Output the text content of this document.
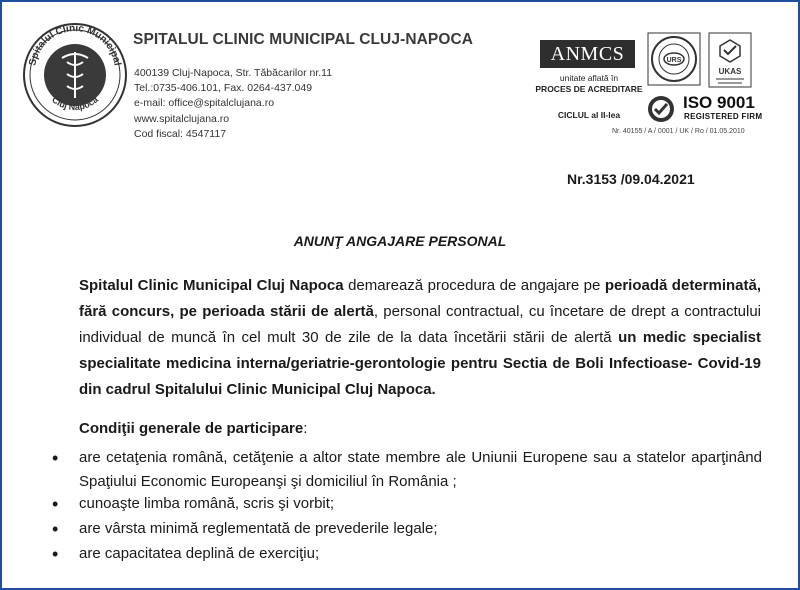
Spitalul Clinic Municipal
Cluj Napoca
SPITALUL CLINIC MUNICIPAL CLUJ-NAPOCA
400139 Cluj-Napoca, Str. Tăbăcarilor nr.11
Tel.:0735-406.101, Fax. 0264-437.049
e-mail: office@spitalclujana.ro
www.spitalclujana.ro
Cod fiscal: 4547117
ANMCS
unitate aflată în
PROCES DE ACREDITARE
CICLUL al II-lea
URS
UKAS
ISO 9001
REGISTERED FIRM
Nr. 40155 / A / 0001 / UK / Ro / 01.05.2010
Nr.3153 /09.04.2021
ANUNŢ ANGAJARE PERSONAL
Spitalul Clinic Municipal Cluj Napoca demarează procedura de angajare pe perioadă determinată, fără concurs, pe perioada stării de alertă, personal contractual, cu încetare de drept a contractului individual de muncă în cel mult 30 de zile de la data încetării stării de alertă un medic specialist specialitate medicina interna/geriatrie-gerontologie pentru Sectia de Boli Infectioase- Covid-19 din cadrul Spitalului Clinic Municipal Cluj Napoca.
Condiţii generale de participare:
• are cetaţenia română, cetăţenie a altor state membre ale Uniunii Europene sau a statelor aparţinând Spaţiului Economic Europeanşi şi domiciliul în România ;
• cunoaşte limba română, scris şi vorbit;
• are vârsta minimă reglementată de prevederile legale;
• are capacitatea deplină de exerciţiu;
